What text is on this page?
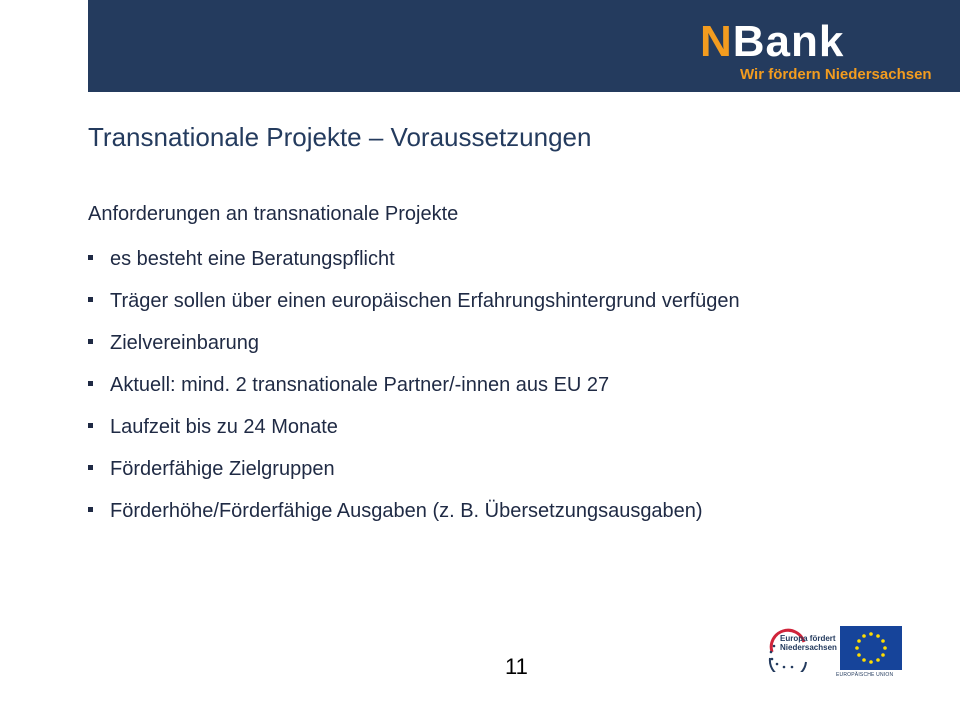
NBank
Wir fördern Niedersachsen
Transnationale Projekte – Voraussetzungen
Anforderungen an transnationale Projekte
es besteht eine Beratungspflicht
Träger sollen über einen europäischen Erfahrungshintergrund verfügen
Zielvereinbarung
Aktuell: mind. 2 transnationale Partner/-innen aus EU 27
Laufzeit bis zu 24 Monate
Förderfähige Zielgruppen
Förderhöhe/Förderfähige Ausgaben (z. B. Übersetzungsausgaben)
11
Europa fördert
Niedersachsen
EUROPÄISCHE UNION
